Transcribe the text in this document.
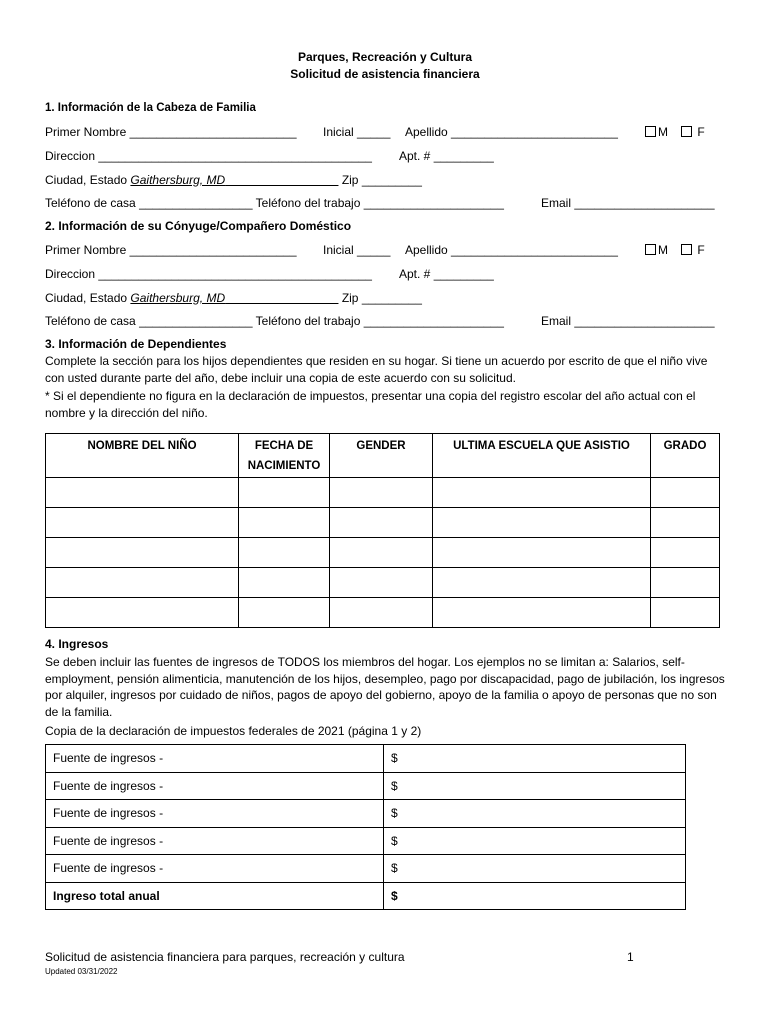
Parques, Recreación y Cultura
Solicitud de asistencia financiera
1. Información de la Cabeza de Familia
Primer Nombre _________________________ Inicial _____ Apellido _________________________	M	F
Direccion _________________________________________ Apt. # _________
Ciudad, Estado Gaithersburg, MD	Zip _________
Teléfono de casa _________________ Teléfono del trabajo _____________________	Email _____________________
2. Información de su Cónyuge/Compañero Doméstico
Primer Nombre _________________________ Inicial _____ Apellido _________________________	M	F
Direccion _________________________________________ Apt. # _________
Ciudad, Estado Gaithersburg, MD	Zip _________
Teléfono de casa _________________ Teléfono del trabajo _____________________	Email _____________________
3. Información de Dependientes
Complete la sección para los hijos dependientes que residen en su hogar. Si tiene un acuerdo por escrito de que el niño vive con usted durante parte del año, debe incluir una copia de este acuerdo con su solicitud.
* Si el dependiente no figura en la declaración de impuestos, presentar una copia del registro escolar del año actual con el nombre y la dirección del niño.
NOMBRE DEL NIÑO	FECHA DE NACIMIENTO	GENDER	ULTIMA ESCUELA QUE ASISTIO	GRADO

4. Ingresos
Se deben incluir las fuentes de ingresos de TODOS los miembros del hogar. Los ejemplos no se limitan a: Salarios, self-employment, pensión alimenticia, manutención de los hijos, desempleo, pago por discapacidad, pago de jubilación, los ingresos por alquiler, ingresos por cuidado de niños, pagos de apoyo del gobierno, apoyo de la familia o apoyo de personas que no son de la familia.
Copia de la declaración de impuestos federales de 2021 (página 1 y 2)
Fuente de ingresos -	$
Fuente de ingresos -	$
Fuente de ingresos -	$
Fuente de ingresos -	$
Fuente de ingresos -	$
Ingreso total anual	$
Solicitud de asistencia financiera para parques, recreación y cultura	1
Updated 03/31/2022
